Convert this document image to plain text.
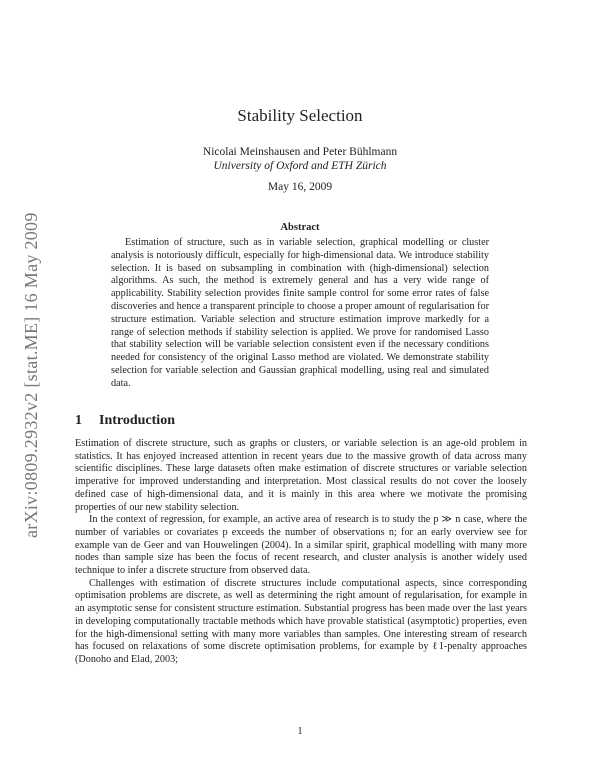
arXiv:0809.2932v2 [stat.ME] 16 May 2009
Stability Selection
Nicolai Meinshausen and Peter Bühlmann
University of Oxford and ETH Zürich
May 16, 2009
Abstract

Estimation of structure, such as in variable selection, graphical modelling or cluster analysis is notoriously difficult, especially for high-dimensional data. We introduce stability selection. It is based on subsampling in combination with (high-dimensional) selection algorithms. As such, the method is extremely general and has a very wide range of applicability. Stability selection provides finite sample control for some error rates of false discoveries and hence a transparent principle to choose a proper amount of regularisation for structure estimation. Variable selection and structure estimation improve markedly for a range of selection methods if stability selection is applied. We prove for randomised Lasso that stability selection will be variable selection consistent even if the necessary conditions needed for consistency of the original Lasso method are violated. We demonstrate stability selection for variable selection and Gaussian graphical modelling, using real and simulated data.

1 Introduction

Estimation of discrete structure, such as graphs or clusters, or variable selection is an age-old problem in statistics. It has enjoyed increased attention in recent years due to the massive growth of data across many scientific disciplines. These large datasets often make estimation of discrete structures or variable selection imperative for improved understanding and interpretation. Most classical results do not cover the loosely defined case of high-dimensional data, and it is mainly in this area where we motivate the promising properties of our new stability selection.

In the context of regression, for example, an active area of research is to study the p ≫ n case, where the number of variables or covariates p exceeds the number of observations n; for an early overview see for example van de Geer and van Houwelingen (2004). In a similar spirit, graphical modelling with many more nodes than sample size has been the focus of recent research, and cluster analysis is another widely used technique to infer a discrete structure from observed data.

Challenges with estimation of discrete structures include computational aspects, since corresponding optimisation problems are discrete, as well as determining the right amount of regularisation, for example in an asymptotic sense for consistent structure estimation. Substantial progress has been made over the last years in developing computationally tractable methods which have provable statistical (asymptotic) properties, even for the high-dimensional setting with many more variables than samples. One interesting stream of research has focused on relaxations of some discrete optimisation problems, for example by ℓ1-penalty approaches (Donoho and Elad, 2003;

1
